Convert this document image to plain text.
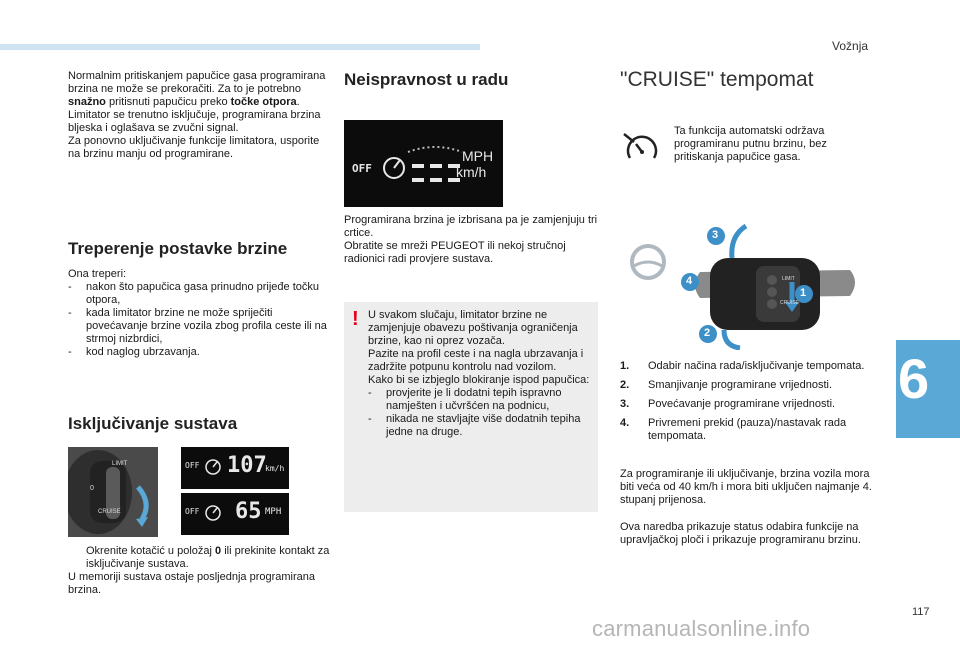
Vožnja
6
117
carmanualsonline.info

Normalnim pritiskanjem papučice gasa programirana brzina ne može se prekoračiti. Za to je potrebno snažno pritisnuti papučicu preko točke otpora.

Limitator se trenutno isključuje, programirana brzina bljeska i oglašava se zvučni signal.

Za ponovno uključivanje funkcije limitatora, usporite na brzinu manju od programirane.

Treperenje postavke brzine

Ona treperi:

- nakon što papučica gasa prinudno prijeđe točku otpora,
- kada limitator brzine ne može spriječiti povećavanje brzine vozila zbog profila ceste ili na strmoj nizbrdici,
- kod naglog ubrzavanja.
Isključivanje sustava
LIMIT
0
CRUISE
OFF 107
km/h
OFF 65 MPH

Okrenite kotačić u položaj 0 ili prekinite kontakt za isključivanje sustava.

U memoriji sustava ostaje posljednja programirana brzina.

Neispravnost u radu
OFF
MPH
km/h

Programirana brzina je izbrisana pa je zamjenjuju tri crtice.

Obratite se mreži PEUGEOT ili nekoj stručnoj radionici radi provjere sustava.

! U svakom slučaju, limitator brzine ne zamjenjuje obavezu poštivanja ograničenja brzine, kao ni oprez vozača.

Pazite na profil ceste i na nagla ubrzavanja i zadržite potpunu kontrolu nad vozilom.

Kako bi se izbjeglo blokiranje ispod papučica:

- provjerite je li dodatni tepih ispravno namješten i učvršćen na podnicu,
- nikada ne stavljajte više dodatnih tepiha jedne na druge.
"CRUISE" tempomat

Ta funkcija automatski održava programiranu putnu brzinu, bez pritiskanja papučice gasa.

3
4
2
1
LIMIT
CRUISE
1. Odabir načina rada/isključivanje tempomata.
2. Smanjivanje programirane vrijednosti.
3. Povećavanje programirane vrijednosti.
4. Privremeni prekid (pauza)/nastavak rada tempomata.

Za programiranje ili uključivanje, brzina vozila mora biti veća od 40 km/h i mora biti uključen najmanje 4. stupanj prijenosa.

Ova naredba prikazuje status odabira funkcije na upravljačkoj ploči i prikazuje programiranu brzinu.
